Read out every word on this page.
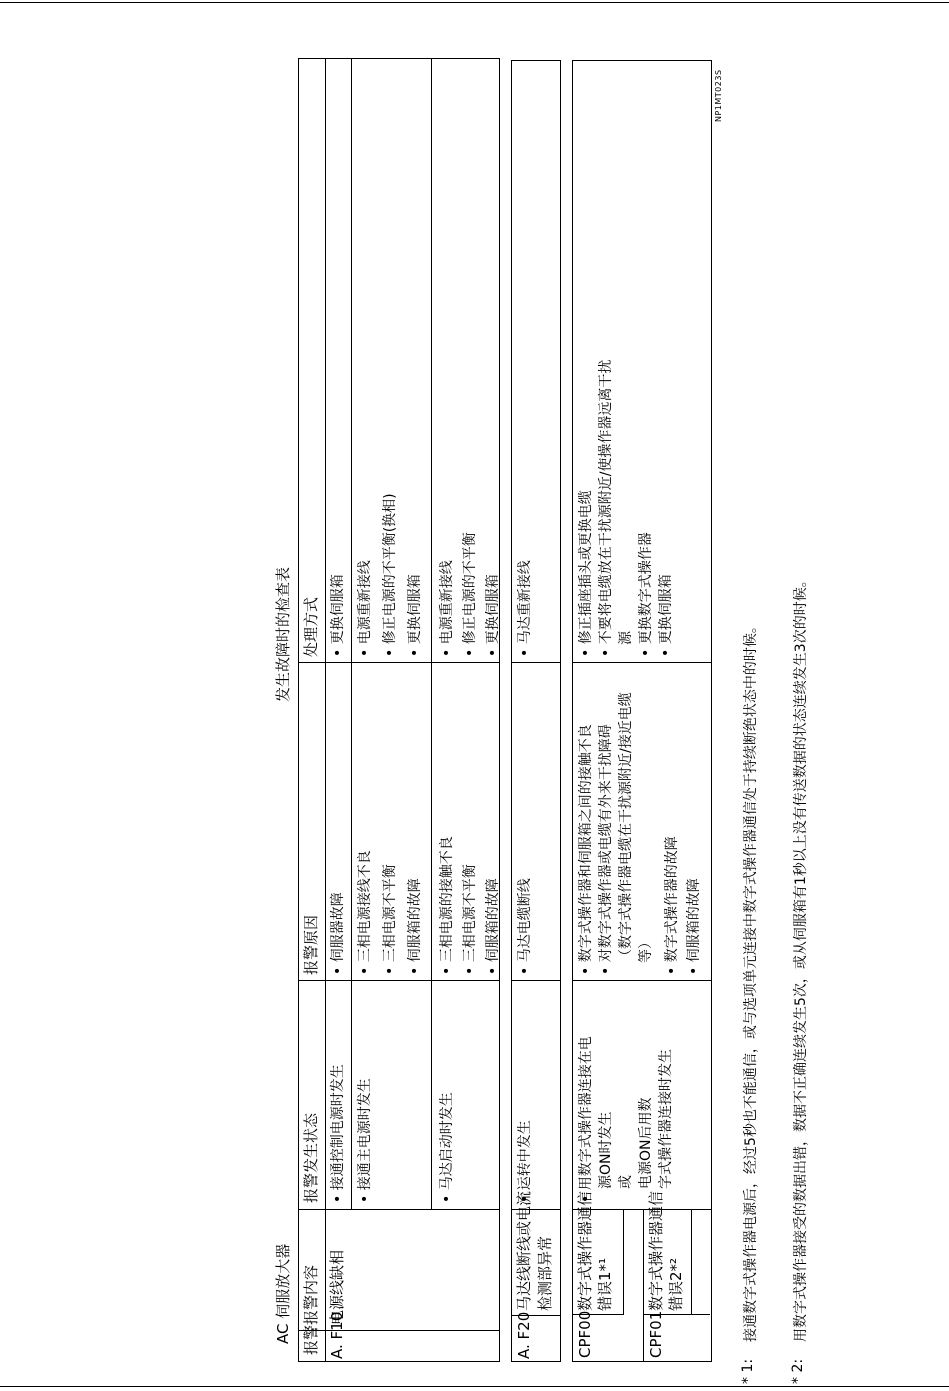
AC 伺服放大器
发生故障时的检查表
报警
报警内容
报警发生状态
报警原因
处理方式
A. F10
电源线缺相
• 接通控制电源时发生
• 伺服器故障
• 更换伺服箱
• 接通主电源时发生
• 三相电源接线不良 • 三相电源不平衡 • 伺服箱的故障
• 电源重新接线 • 修正电源的不平衡(换相) • 更换伺服箱
• 马达启动时发生
• 三相电源的接触不良 • 三相电源不平衡 • 伺服箱的故障
• 电源重新接线 • 修正电源的不平衡 • 更换伺服箱
A. F20
马达线断线或电流 检测部异常
• 运转中发生
• 马达电缆断线
• 马达重新接线
CPF00
数字式操作器通信 错误1*¹
CPF01
数字式操作器通信 错误2*²
• 用数字式操作器连接在电 源ON时发生 或 电源ON后用数 字式操作器连接时发生
• 数字式操作器和伺服箱之间的接触不良 • 对数字式操作器或电缆有外来干扰障碍 （数字式操作器电缆在干扰源附近/接近电缆 等） • 数字式操作器的故障 • 伺服箱的故障
• 修正插座插头或更换电缆 • 不要将电缆放在干扰源附近/使操作器远离干扰 源 • 更换数字式操作器 • 更换伺服箱
NP1MT023S
* 1:
接通数字式操作器电源后，经过5秒也不能通信，或与选项单元连接中数字式操作器通信处于持续断绝状态中的时候。
* 2:
用数字式操作器接受的数据出错，数据不正确连续发生5次，或从伺服箱有1秒以上没有传送数据的状态连续发生3次的时候。
